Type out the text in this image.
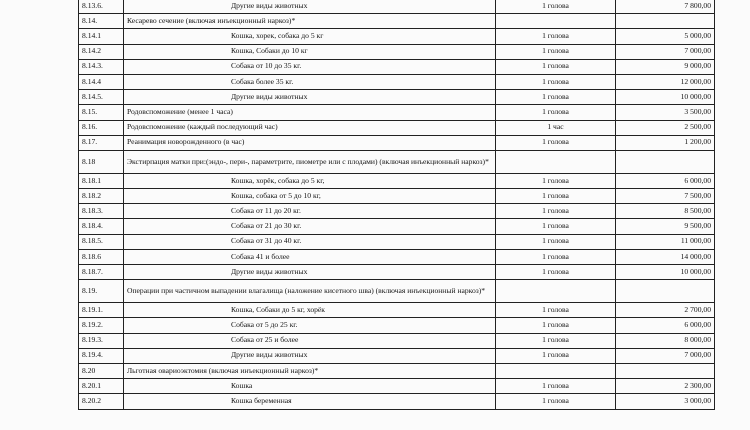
8.13.6.	Другие виды животных	1 голова	7 800,00
8.14.	Кесарево сечение (включая инъекционный наркоз)*		
8.14.1	Кошка, хорек, собака до 5 кг	1 голова	5 000,00
8.14.2	Кошка, Собаки до 10 кг	1 голова	7 000,00
8.14.3.	Собака от 10 до 35 кг.	1 голова	9 000,00
8.14.4	Собака более 35 кг.	1 голова	12 000,00
8.14.5.	Другие виды животных	1 голова	10 000,00
8.15.	Родовспоможение (менее 1 часа)	1 голова	3 500,00
8.16.	Родовспоможение (каждый последующий час)	1 час	2 500,00
8.17.	Реанимация новорожденного (в час)	1 голова	1 200,00
8.18	Экстирпация матки при:(эндо-, пери-, параметрите, пиометре или с плодами) (включая инъекционный наркоз)*		
8.18.1	Кошка, хорёк, собака до 5 кг,	1 голова	6 000,00
8.18.2	Кошка, собака от 5 до 10 кг,	1 голова	7 500,00
8.18.3.	Собака от 11 до 20 кг.	1 голова	8 500,00
8.18.4.	Собака от 21 до 30 кг.	1 голова	9 500,00
8.18.5.	Собака от 31 до 40 кг.	1 голова	11 000,00
8.18.6	Собака 41 и более	1 голова	14 000,00
8.18.7.	Другие виды животных	1 голова	10 000,00
8.19.	Операции при частичном выпадении влагалища (наложение кисетного шва) (включая инъекционный наркоз)*		
8.19.1.	Кошка, Собаки до 5 кг, хорёк	1 голова	2 700,00
8.19.2.	Собака от 5 до 25 кг.	1 голова	6 000,00
8.19.3.	Собака от 25 и более	1 голова	8 000,00
8.19.4.	Другие виды животных	1 голова	7 000,00
8.20	Льготная овариоэктомия (включая инъекционный наркоз)*		
8.20.1	Кошка	1 голова	2 300,00
8.20.2	Кошка беременная	1 голова	3 000,00
